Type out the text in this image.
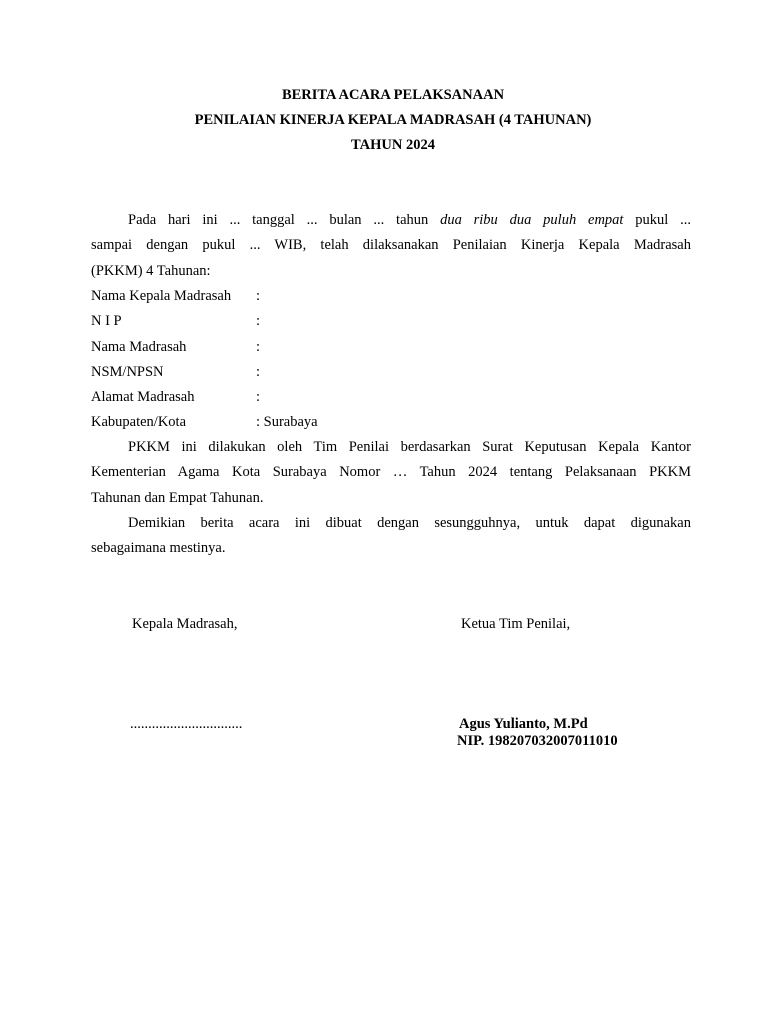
BERITA ACARA PELAKSANAAN
PENILAIAN KINERJA KEPALA MADRASAH (4 TAHUNAN)
TAHUN 2024
Pada hari ini ... tanggal ... bulan ... tahun dua ribu dua puluh empat pukul ...
sampai dengan pukul ... WIB, telah dilaksanakan Penilaian Kinerja Kepala Madrasah
(PKKM) 4 Tahunan:
Nama Kepala Madrasah :
N I P	:
Nama Madrasah	:
NSM/NPSN	:
Alamat Madrasah	:
Kabupaten/Kota	: Surabaya
PKKM ini dilakukan oleh Tim Penilai berdasarkan Surat Keputusan Kepala Kantor
Kementerian Agama Kota Surabaya Nomor … Tahun 2024 tentang Pelaksanaan PKKM
Tahunan dan Empat Tahunan.
Demikian berita acara ini dibuat dengan sesungguhnya, untuk dapat digunakan
sebagaimana mestinya.
Kepala Madrasah,	Ketua Tim Penilai,
...............................	Agus Yulianto, M.Pd
NIP. 198207032007011010
